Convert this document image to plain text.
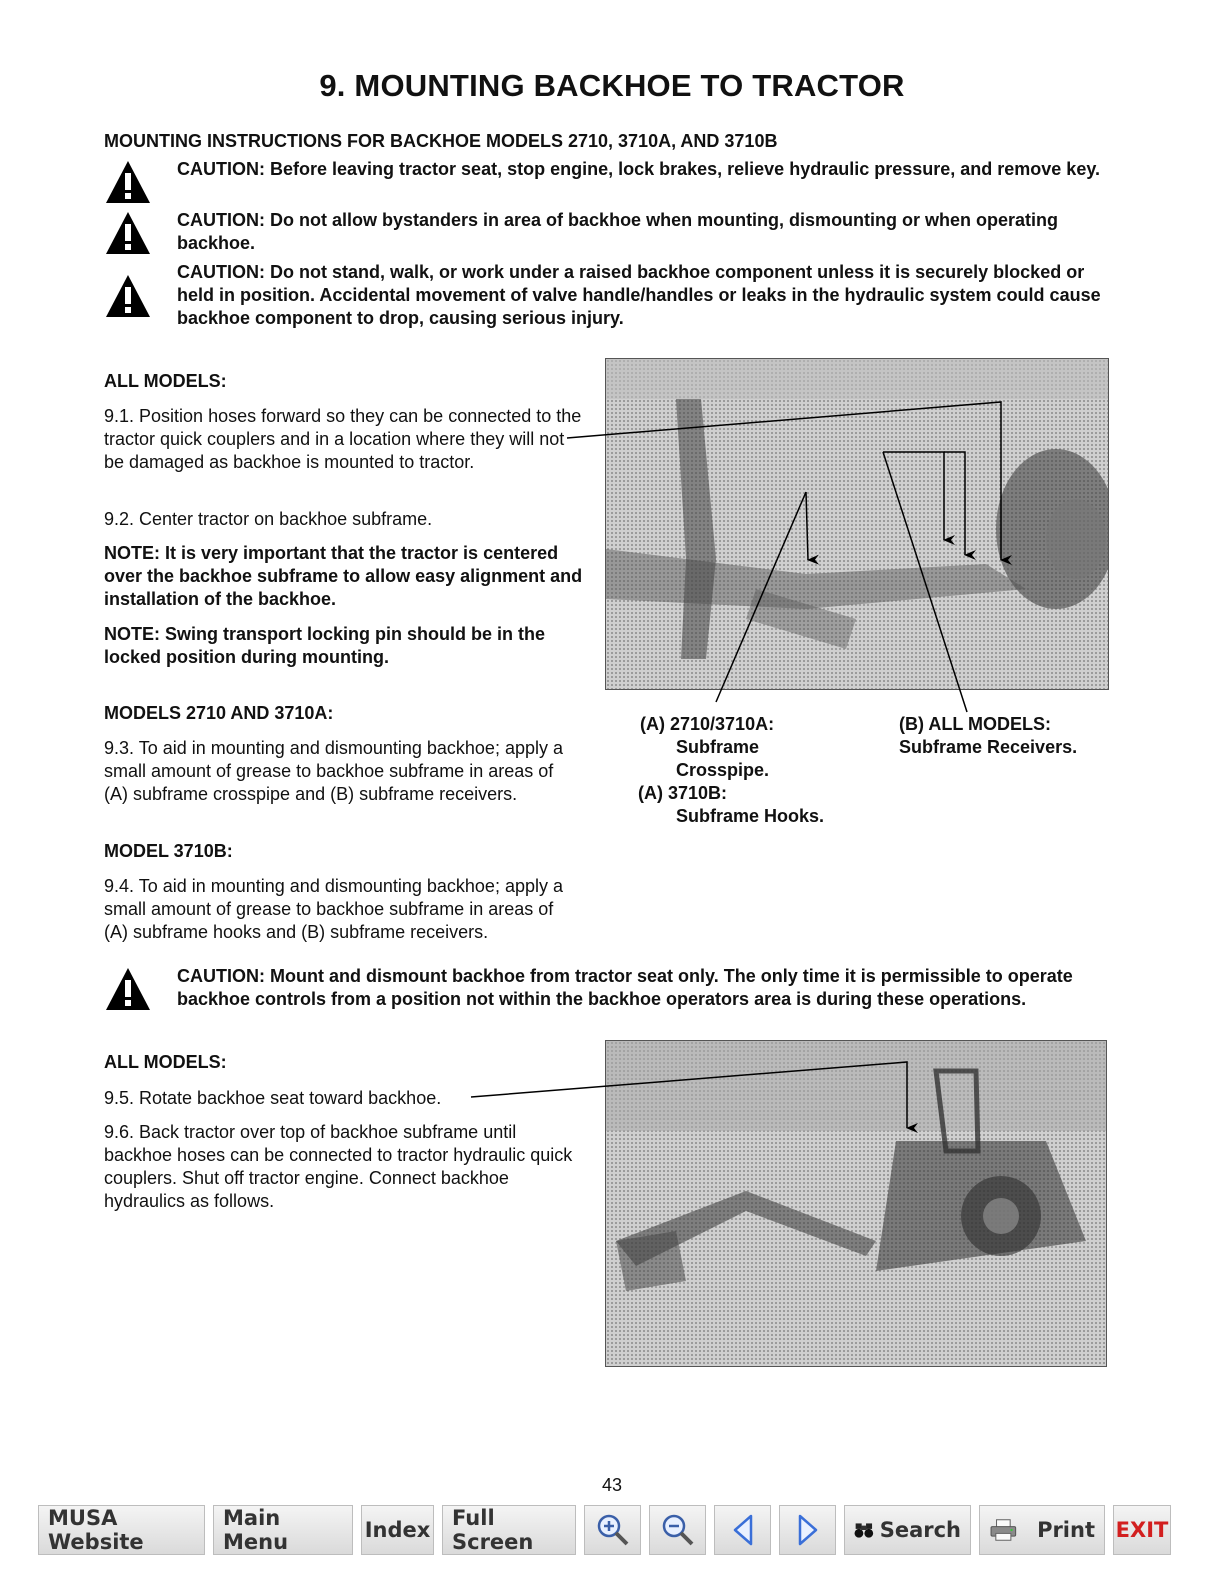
9. MOUNTING BACKHOE TO TRACTOR
MOUNTING INSTRUCTIONS FOR BACKHOE MODELS 2710, 3710A, AND 3710B
CAUTION: Before leaving tractor seat, stop engine, lock brakes, relieve hydraulic pressure, and remove key.
CAUTION: Do not allow bystanders in area of backhoe when mounting, dismounting or when operating backhoe.
CAUTION: Do not stand, walk, or work under a raised backhoe component unless it is securely blocked or held in position. Accidental movement of valve handle/handles or leaks in the hydraulic system could cause backhoe component to drop, causing serious injury.
ALL MODELS:
9.1. Position hoses forward so they can be connected to the tractor quick couplers and in a location where they will not be damaged as backhoe is mounted to tractor.
9.2. Center tractor on backhoe subframe.
NOTE: It is very important that the tractor is centered over the backhoe subframe to allow easy alignment and installation of the backhoe.
NOTE: Swing transport locking pin should be in the locked position during mounting.
MODELS 2710 AND 3710A:
9.3. To aid in mounting and dismounting backhoe; apply a small amount of grease to backhoe subframe in areas of (A) subframe crosspipe and (B) subframe receivers.
MODEL 3710B:
9.4. To aid in mounting and dismounting backhoe; apply a small amount of grease to backhoe subframe in areas of (A) subframe hooks and (B) subframe receivers.
CAUTION: Mount and dismount backhoe from tractor seat only. The only time it is permissible to operate backhoe controls from a position not within the backhoe operators area is during these operations.
ALL MODELS:
9.5. Rotate backhoe seat toward backhoe.
9.6. Back tractor over top of backhoe subframe until backhoe hoses can be connected to tractor hydraulic quick couplers. Shut off tractor engine. Connect backhoe hydraulics as follows.
(A) 2710/3710A:
Subframe
Crosspipe.
(A) 3710B:
Subframe Hooks.
(B) ALL MODELS:
Subframe Receivers.
43
MUSA Website
Main Menu	Index	Full Screen	Search	Print EXIT
